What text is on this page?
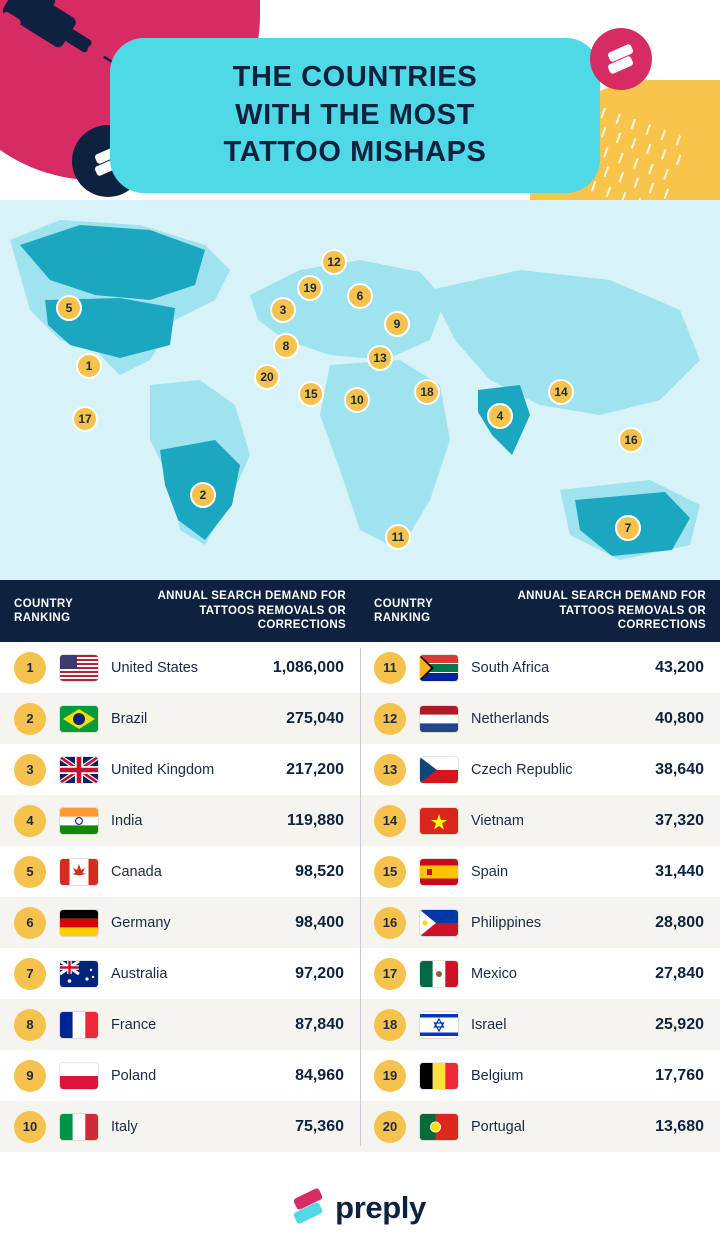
THE COUNTRIES
WITH THE MOST
TATTOO MISHAPS
5
1
17
2
12
19
3
6
9
8
13
20
15	10
18
4
14
16
11
7
COUNTRY RANKING
ANNUAL SEARCH DEMAND FOR TATTOOS REMOVALS OR CORRECTIONS
COUNTRY RANKING
ANNUAL SEARCH DEMAND FOR TATTOOS REMOVALS OR CORRECTIONS
1	United States	1,086,000
2	Brazil	275,040
3	United Kingdom	217,200
4	India	119,880
5	Canada	98,520
6	Germany	98,400
7	Australia	97,200
8	France	87,840
9	Poland	84,960
10	Italy	75,360
11	South Africa	43,200
12	Netherlands	40,800
13	Czech Republic	38,640
14	Vietnam	37,320
15	Spain	31,440
16	Philippines	28,800
17	Mexico	27,840
18	Israel	25,920
19	Belgium	17,760
20	Portugal	13,680
preply
